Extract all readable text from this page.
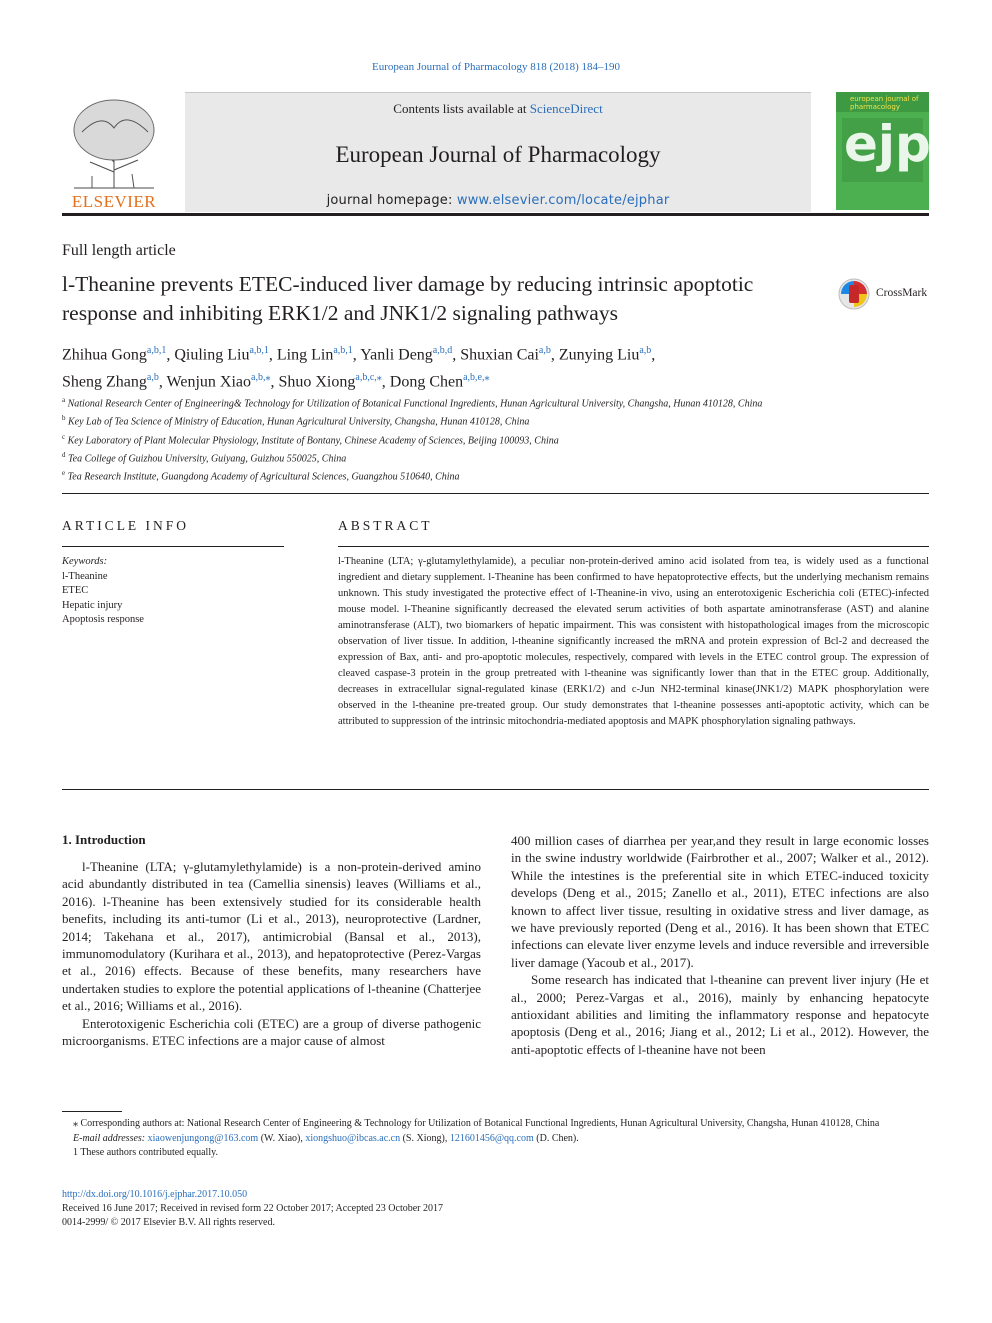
European Journal of Pharmacology 818 (2018) 184–190
ELSEVIER
Contents lists available at ScienceDirect
European Journal of Pharmacology
journal homepage: www.elsevier.com/locate/ejphar
european journal of
pharmacology
ejp
Full length article
l-Theanine prevents ETEC-induced liver damage by reducing intrinsic apoptotic response and inhibiting ERK1/2 and JNK1/2 signaling pathways
CrossMark
Zhihua Gong$^{a,b,1}$, Qiuling Liu$^{a,b,1}$, Ling Lin$^{a,b,1}$, Yanli Deng$^{a,b,d}$, Shuxian Cai$^{a,b}$, Zunying Liu$^{a,b}$,
Sheng Zhang$^{a,b}$, Wenjun Xiao$^{a,b,⁎}$, Shuo Xiong$^{a,b,c,⁎}$, Dong Chen$^{a,b,e,⁎}$
$^a$ National Research Center of Engineering& Technology for Utilization of Botanical Functional Ingredients, Hunan Agricultural University, Changsha, Hunan 410128, China
$^b$ Key Lab of Tea Science of Ministry of Education, Hunan Agricultural University, Changsha, Hunan 410128, China
$^c$ Key Laboratory of Plant Molecular Physiology, Institute of Bontany, Chinese Academy of Sciences, Beijing 100093, China
$^d$ Tea College of Guizhou University, Guiyang, Guizhou 550025, China
$^e$ Tea Research Institute, Guangdong Academy of Agricultural Sciences, Guangzhou 510640, China
ARTICLE INFO	ABSTRACT
Keywords:
l-Theanine
ETEC
Hepatic injury
Apoptosis response
l-Theanine (LTA; γ-glutamylethylamide), a peculiar non-protein-derived amino acid isolated from tea, is widely used as a functional ingredient and dietary supplement. l-Theanine has been confirmed to have hepatoprotective effects, but the underlying mechanism remains unknown. This study investigated the protective effect of l-Theanine-in vivo, using an enterotoxigenic Escherichia coli (ETEC)-infected mouse model. l-Theanine significantly decreased the elevated serum activities of both aspartate aminotransferase (AST) and alanine aminotransferase (ALT), two biomarkers of hepatic impairment. This was consistent with histopathological images from the microscopic observation of liver tissue. In addition, l-theanine significantly increased the mRNA and protein expression of Bcl-2 and decreased the expression of Bax, anti- and pro-apoptotic molecules, respectively, compared with levels in the ETEC control group. The expression of cleaved caspase-3 protein in the group pretreated with l-theanine was significantly lower than that in the ETEC group. Additionally, decreases in extracellular signal-regulated kinase (ERK1/2) and c-Jun NH2-terminal kinase(JNK1/2) MAPK phosphorylation were observed in the l-theanine pre-treated group. Our study demonstrates that l-theanine possesses anti-apoptotic activity, which can be attributed to suppression of the intrinsic mitochondria-mediated apoptosis and MAPK phosphorylation signaling pathways.
1. Introduction

l-Theanine (LTA; γ-glutamylethylamide) is a non-protein-derived amino acid abundantly distributed in tea (Camellia sinensis) leaves (Williams et al., 2016). l-Theanine has been extensively studied for its considerable health benefits, including its anti-tumor (Li et al., 2013), neuroprotective (Lardner, 2014; Takehana et al., 2017), antimicrobial (Bansal et al., 2013), immunomodulatory (Kurihara et al., 2013), and hepatoprotective (Perez-Vargas et al., 2016) effects. Because of these benefits, many researchers have undertaken studies to explore the potential applications of l-theanine (Chatterjee et al., 2016; Williams et al., 2016).

Enterotoxigenic Escherichia coli (ETEC) are a group of diverse pathogenic microorganisms. ETEC infections are a major cause of almost

400 million cases of diarrhea per year,and they result in large economic losses in the swine industry worldwide (Fairbrother et al., 2007; Walker et al., 2012). While the intestines is the preferential site in which ETEC-induced toxicity develops (Deng et al., 2015; Zanello et al., 2011), ETEC infections are also known to affect liver tissue, resulting in oxidative stress and liver damage, as we have previously reported (Deng et al., 2016). It has been shown that ETEC infections can elevate liver enzyme levels and induce reversible and irreversible liver damage (Yacoub et al., 2017).

Some research has indicated that l-theanine can prevent liver injury (He et al., 2000; Perez-Vargas et al., 2016), mainly by enhancing hepatocyte antioxidant abilities and limiting the inflammatory response and hepatocyte apoptosis (Deng et al., 2016; Jiang et al., 2012; Li et al., 2012). However, the anti-apoptotic effects of l-theanine have not been

⁎ Corresponding authors at: National Research Center of Engineering & Technology for Utilization of Botanical Functional Ingredients, Hunan Agricultural University, Changsha, Hunan 410128, China

E-mail addresses: xiaowenjungong@163.com (W. Xiao), xiongshuo@ibcas.ac.cn (S. Xiong), 121601456@qq.com (D. Chen).

1 These authors contributed equally.

http://dx.doi.org/10.1016/j.ejphar.2017.10.050

Received 16 June 2017; Received in revised form 22 October 2017; Accepted 23 October 2017

0014-2999/ © 2017 Elsevier B.V. All rights reserved.
